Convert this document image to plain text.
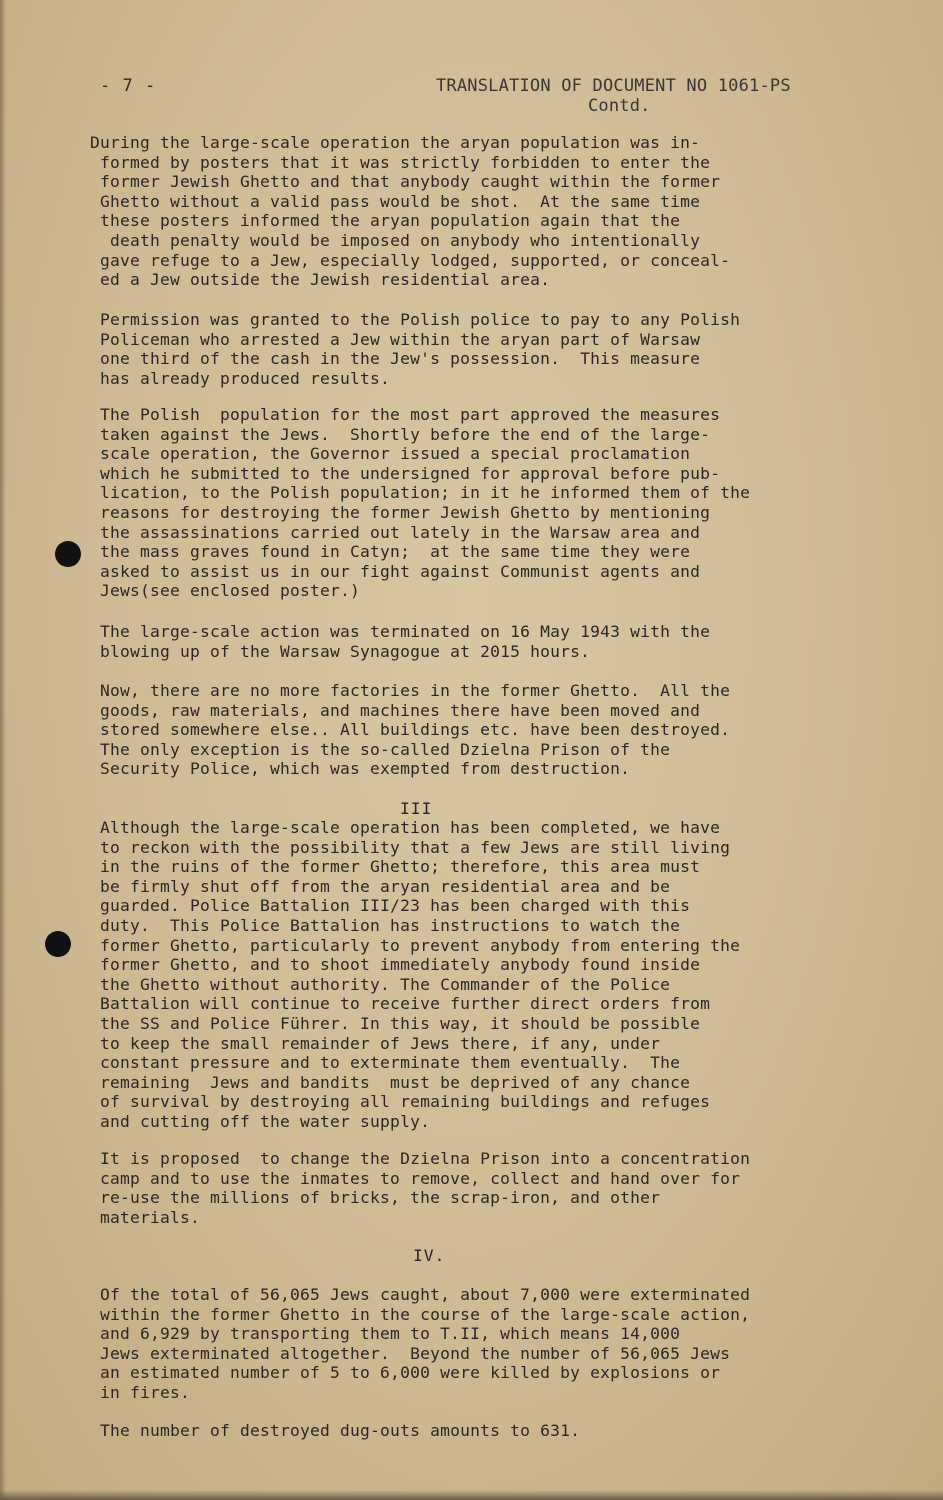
- 7 -	TRANSLATION OF DOCUMENT NO 1061-PS
Contd.
During the large-scale operation the aryan population was in-
formed by posters that it was strictly forbidden to enter the
former Jewish Ghetto and that anybody caught within the former
Ghetto without a valid pass would be shot.  At the same time
these posters informed the aryan population again that the
death penalty would be imposed on anybody who intentionally
gave refuge to a Jew, especially lodged, supported, or conceal-
ed a Jew outside the Jewish residential area.
Permission was granted to the Polish police to pay to any Polish
Policeman who arrested a Jew within the aryan part of Warsaw
one third of the cash in the Jew's possession.  This measure
has already produced results.
The Polish  population for the most part approved the measures
taken against the Jews.  Shortly before the end of the large-
scale operation, the Governor issued a special proclamation
which he submitted to the undersigned for approval before pub-
lication, to the Polish population; in it he informed them of the
reasons for destroying the former Jewish Ghetto by mentioning
the assassinations carried out lately in the Warsaw area and
the mass graves found in Catyn;  at the same time they were
asked to assist us in our fight against Communist agents and
Jews(see enclosed poster.)
The large-scale action was terminated on 16 May 1943 with the
blowing up of the Warsaw Synagogue at 2015 hours.
Now, there are no more factories in the former Ghetto.  All the
goods, raw materials, and machines there have been moved and
stored somewhere else.. All buildings etc. have been destroyed.
The only exception is the so-called Dzielna Prison of the
Security Police, which was exempted from destruction.
III
Although the large-scale operation has been completed, we have
to reckon with the possibility that a few Jews are still living
in the ruins of the former Ghetto; therefore, this area must
be firmly shut off from the aryan residential area and be
guarded. Police Battalion III/23 has been charged with this
duty.  This Police Battalion has instructions to watch the
former Ghetto, particularly to prevent anybody from entering the
former Ghetto, and to shoot immediately anybody found inside
the Ghetto without authority. The Commander of the Police
Battalion will continue to receive further direct orders from
the SS and Police Führer. In this way, it should be possible
to keep the small remainder of Jews there, if any, under
constant pressure and to exterminate them eventually.  The
remaining  Jews and bandits  must be deprived of any chance
of survival by destroying all remaining buildings and refuges
and cutting off the water supply.
It is proposed  to change the Dzielna Prison into a concentration
camp and to use the inmates to remove, collect and hand over for
re-use the millions of bricks, the scrap-iron, and other
materials.
IV.
Of the total of 56,065 Jews caught, about 7,000 were exterminated
within the former Ghetto in the course of the large-scale action,
and 6,929 by transporting them to T.II, which means 14,000
Jews exterminated altogether.  Beyond the number of 56,065 Jews
an estimated number of 5 to 6,000 were killed by explosions or
in fires.
The number of destroyed dug-outs amounts to 631.
